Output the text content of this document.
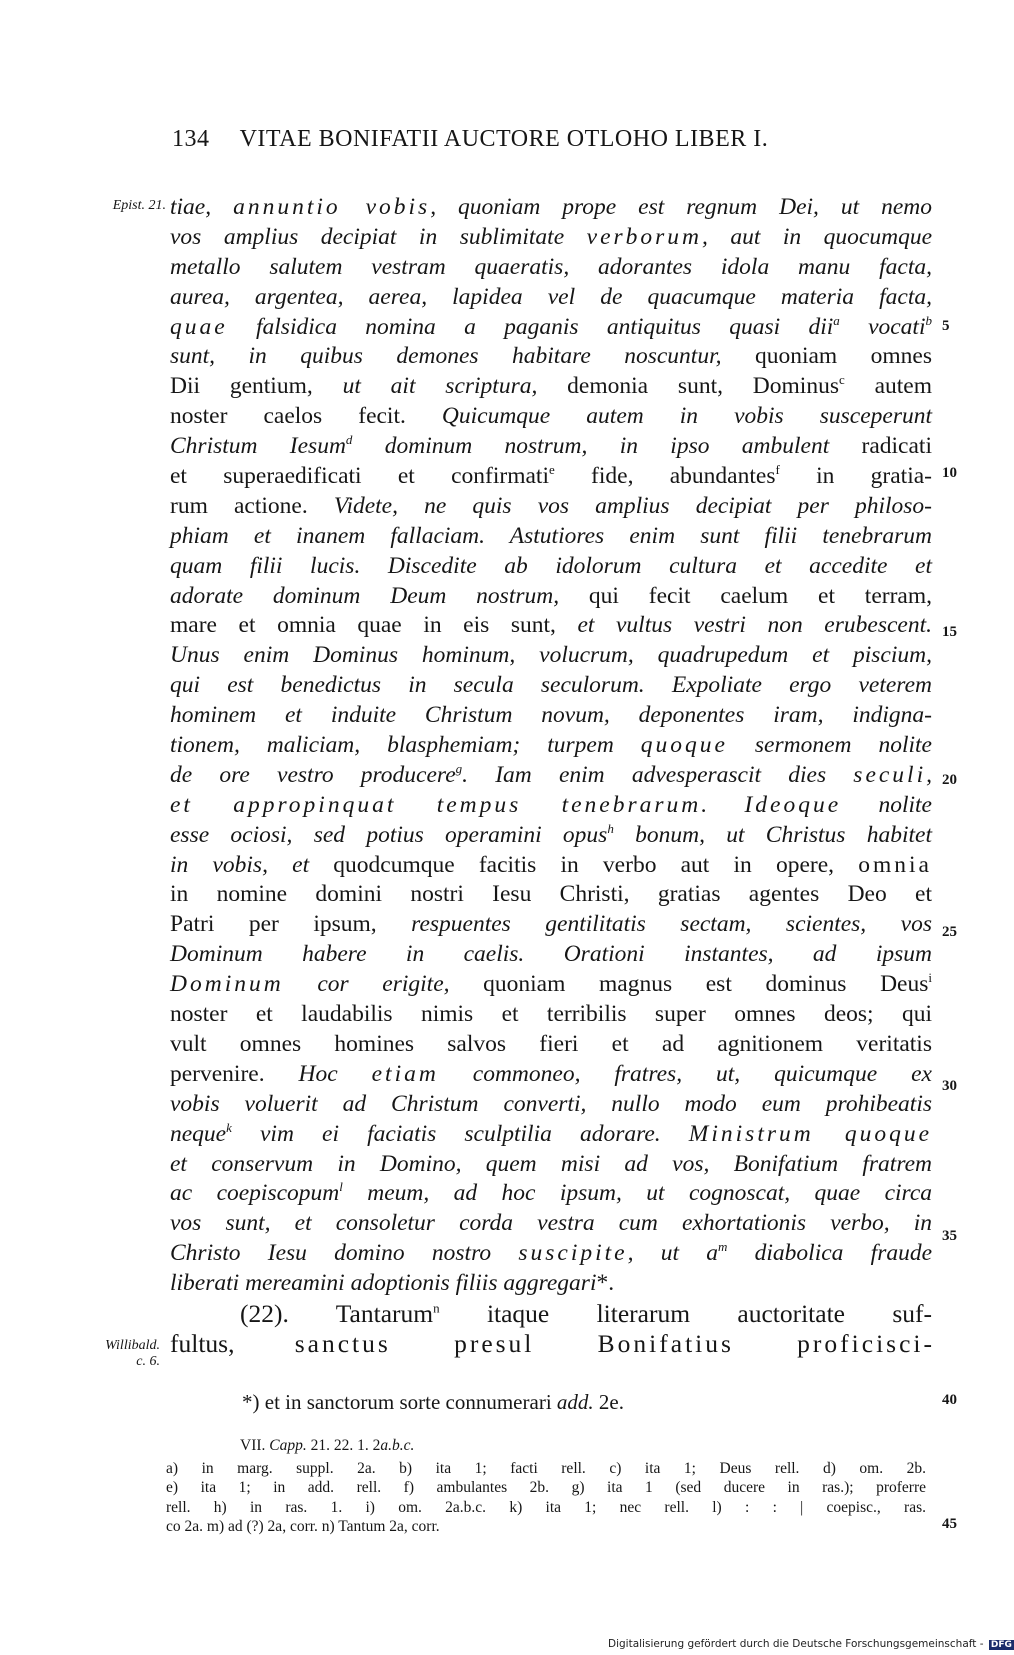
134 VITAE BONIFATII AUCTORE OTLOHO LIBER I.
Epist. 21.
Willibald.
c. 6.
tiae, annuntio vobis, quoniam prope est regnum Dei, ut nemo
vos amplius decipiat in sublimitate verborum, aut in quocumque
metallo salutem vestram quaeratis, adorantes idola manu facta,
aurea, argentea, aerea, lapidea vel de quacumque materia facta,
quae falsidica nomina a paganis antiquitus quasi dii$^a$ vocati$^b$
sunt, in quibus demones habitare noscuntur, quoniam omnes
Dii gentium, ut ait scriptura, demonia sunt, Dominus$^c$ autem
noster caelos fecit. Quicumque autem in vobis susceperunt
Christum Iesum$^d$ dominum nostrum, in ipso ambulent radicati
et superaedificati et confirmati$^e$ fide, abundantes$^f$ in gratia-
rum actione. Videte, ne quis vos amplius decipiat per philoso-
phiam et inanem fallaciam. Astutiores enim sunt filii tenebrarum
quam filii lucis. Discedite ab idolorum cultura et accedite et
adorate dominum Deum nostrum, qui fecit caelum et terram,
mare et omnia quae in eis sunt, et vultus vestri non erubescent.
Unus enim Dominus hominum, volucrum, quadrupedum et piscium,
qui est benedictus in secula seculorum. Expoliate ergo veterem
hominem et induite Christum novum, deponentes iram, indigna-
tionem, maliciam, blasphemiam; turpem quoque sermonem nolite
de ore vestro producere$^g$. Iam enim advesperascit dies seculi,
et appropinquat tempus tenebrarum. Ideoque nolite
esse ociosi, sed potius operamini opus$^h$ bonum, ut Christus habitet
in vobis, et quodcumque facitis in verbo aut in opere, omnia
in nomine domini nostri Iesu Christi, gratias agentes Deo et
Patri per ipsum, respuentes gentilitatis sectam, scientes, vos
Dominum habere in caelis. Orationi instantes, ad ipsum
Dominum cor erigite, quoniam magnus est dominus Deus$^i$
noster et laudabilis nimis et terribilis super omnes deos; qui
vult omnes homines salvos fieri et ad agnitionem veritatis
pervenire. Hoc etiam commoneo, fratres, ut, quicumque ex
vobis voluerit ad Christum converti, nullo modo eum prohibeatis
neque$^k$ vim ei faciatis sculptilia adorare. Ministrum quoque
et conservum in Domino, quem misi ad vos, Bonifatium fratrem
ac coepiscopum$^l$ meum, ad hoc ipsum, ut cognoscat, quae circa
vos sunt, et consoletur corda vestra cum exhortationis verbo, in
Christo Iesu domino nostro suscipite, ut $a^m$ diabolica fraude
liberati mereamini adoptionis filiis aggregari*.
(22). Tantarum$^n$ itaque literarum auctoritate suf-
fultus, sanctus presul Bonifatius proficisci-
5
10
15
20
25
30
35
40
45
*) et in sanctorum sorte connumerari add. 2e.
VII. Capp. 21. 22. 1. 2a.b.c.
a) in marg. suppl. 2a. b) ita 1; facti rell. c) ita 1; Deus rell. d) om. 2b.
e) ita 1; in add. rell. f) ambulantes 2b. g) ita 1 (sed ducere in ras.); proferre
rell. h) in ras. 1. i) om. 2a.b.c. k) ita 1; nec rell. l) : : | coepisc., ras.
co 2a. m) ad (?) 2a, corr. n) Tantum 2a, corr.
Digitalisierung gefördert durch die Deutsche Forschungsgemeinschaft - DFG
